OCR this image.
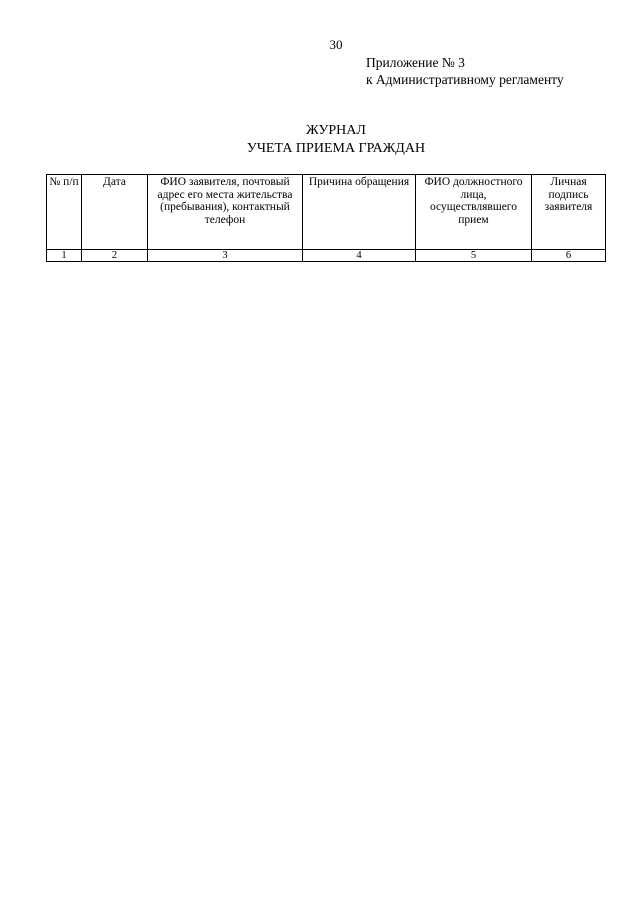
30
Приложение № 3
к Административному регламенту
ЖУРНАЛ
УЧЕТА ПРИЕМА ГРАЖДАН
№ п/п	Дата	ФИО заявителя, почтовый адрес его места жительства (пребывания), контактный телефон	Причина обращения	ФИО должностного лица, осуществлявшего прием	Личная подпись заявителя
1	2	3	4	5	6
